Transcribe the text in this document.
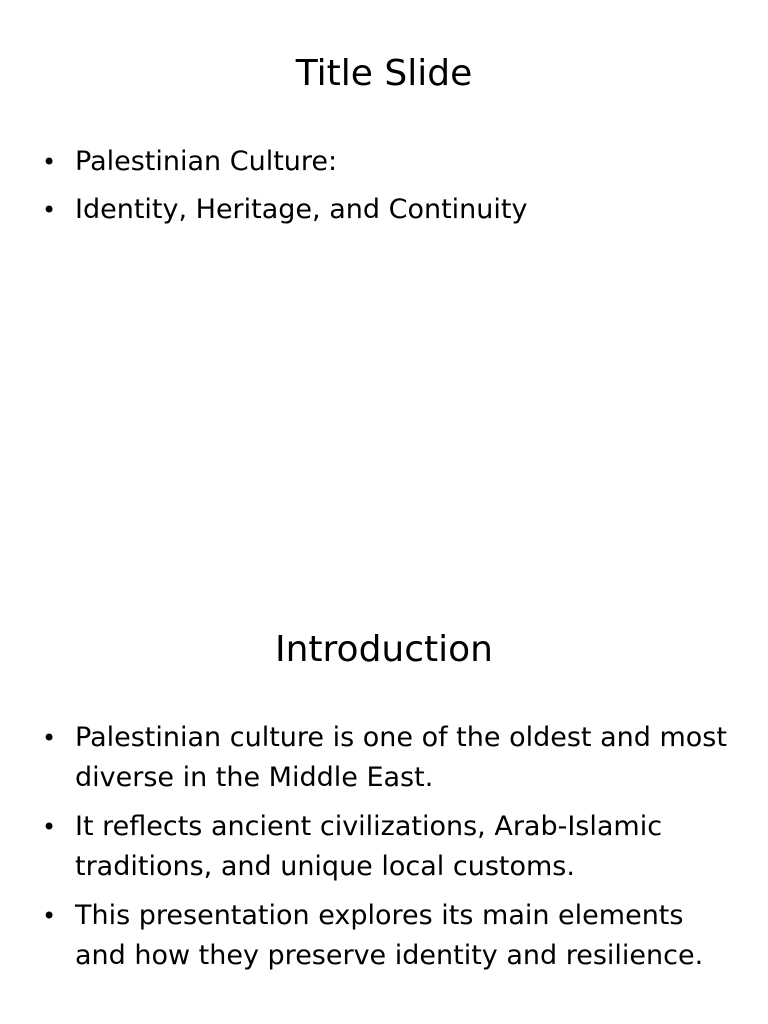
Title Slide
• Palestinian Culture:
• Identity, Heritage, and Continuity
Introduction
• Palestinian culture is one of the oldest and most diverse in the Middle East.
• It reflects ancient civilizations, Arab-Islamic traditions, and unique local customs.
• This presentation explores its main elements and how they preserve identity and resilience.
